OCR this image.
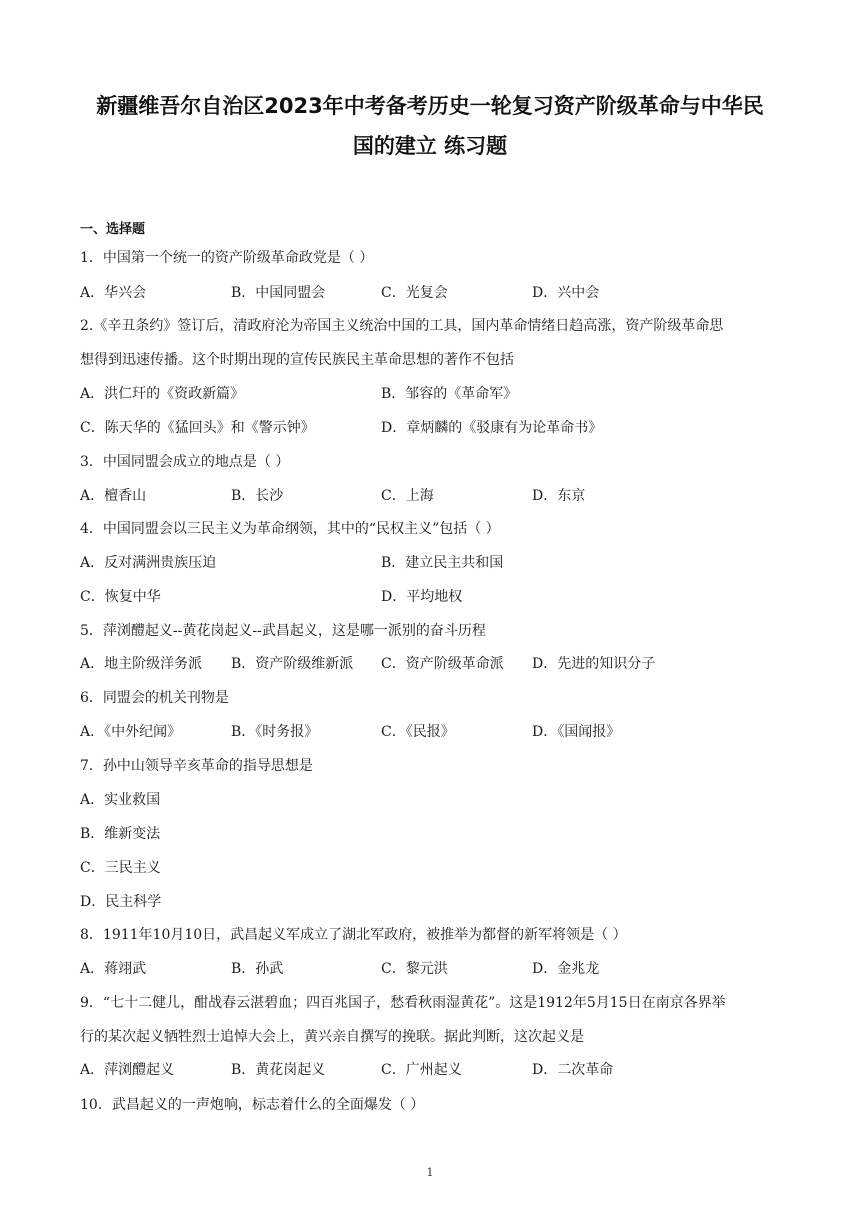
新疆维吾尔自治区2023年中考备考历史一轮复习资产阶级革命与中华民
国的建立 练习题
一、选择题
1．中国第一个统一的资产阶级革命政党是（ ）
A．华兴会	B．中国同盟会	C．光复会	D．兴中会
2.《辛丑条约》签订后，清政府沦为帝国主义统治中国的工具，国内革命情绪日趋高涨，资产阶级革命思
想得到迅速传播。这个时期出现的宣传民族民主革命思想的著作不包括
A．洪仁玕的《资政新篇》	B．邹容的《革命军》
C．陈天华的《猛回头》和《警示钟》	D．章炳麟的《驳康有为论革命书》
3．中国同盟会成立的地点是（ ）
A．檀香山	B．长沙	C．上海	D．东京
4．中国同盟会以三民主义为革命纲领，其中的“民权主义”包括（ ）
A．反对满洲贵族压迫	B．建立民主共和国
C．恢复中华	D．平均地权
5．萍浏醴起义--黄花岗起义--武昌起义，这是哪一派别的奋斗历程
A．地主阶级洋务派 B．资产阶级维新派 C．资产阶级革命派 D．先进的知识分子
6．同盟会的机关刊物是
A．《中外纪闻》	B．《时务报》	C．《民报》	D．《国闻报》
7．孙中山领导辛亥革命的指导思想是
A．实业救国
B．维新变法
C．三民主义
D．民主科学
8．1911年10月10日，武昌起义军成立了湖北军政府，被推举为都督的新军将领是（ ）
A．蒋翊武	B．孙武	C．黎元洪	D．金兆龙
9．“七十二健儿，酣战春云湛碧血；四百兆国子，愁看秋雨湿黄花”。这是1912年5月15日在南京各界举
行的某次起义牺牲烈士追悼大会上，黄兴亲自撰写的挽联。据此判断，这次起义是
A．萍浏醴起义	B．黄花岗起义	C．广州起义	D．二次革命
10．武昌起义的一声炮响，标志着什么的全面爆发（ ）
1
